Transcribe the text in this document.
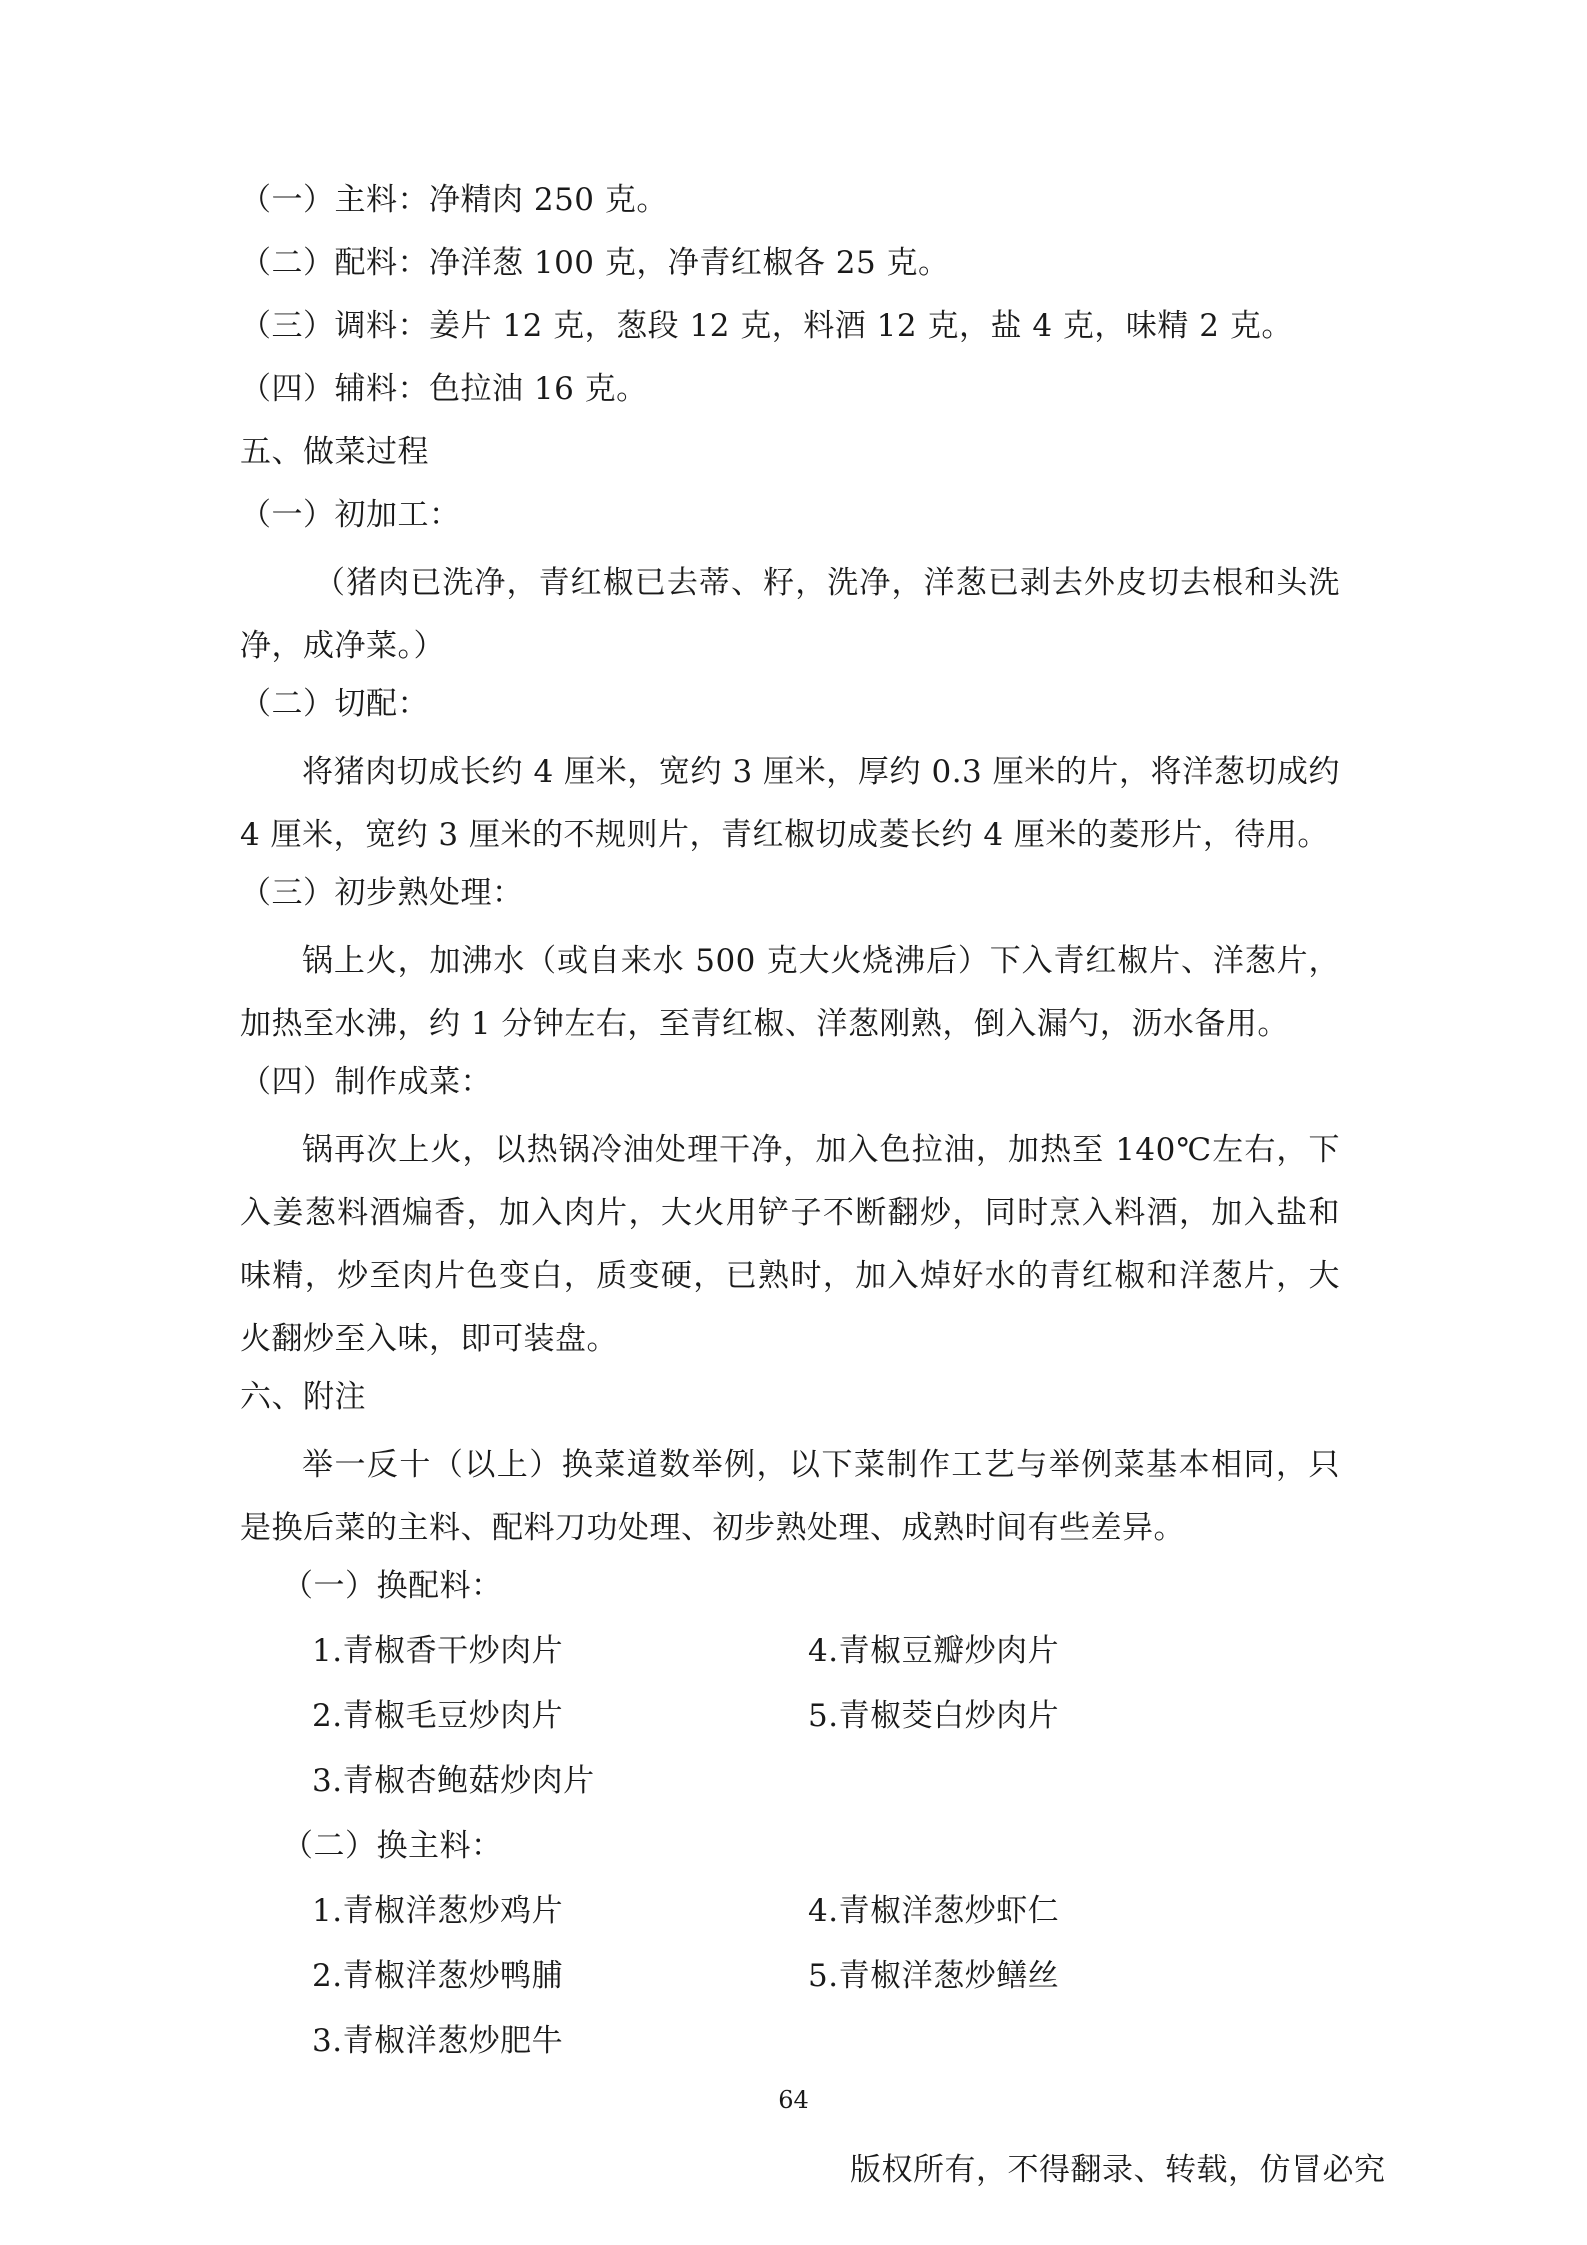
（一）主料：净精肉 250 克。
（二）配料：净洋葱 100 克，净青红椒各 25 克。
（三）调料：姜片 12 克，葱段 12 克，料酒 12 克，盐 4 克，味精 2 克。
（四）辅料：色拉油 16 克。
五、做菜过程
（一）初加工：
（猪肉已洗净，青红椒已去蒂、籽，洗净，洋葱已剥去外皮切去根和头洗净，成净菜。）
（二）切配：
将猪肉切成长约 4 厘米，宽约 3 厘米，厚约 0.3 厘米的片，将洋葱切成约 4 厘米，宽约 3 厘米的不规则片，青红椒切成菱长约 4 厘米的菱形片，待用。
（三）初步熟处理：
锅上火，加沸水（或自来水 500 克大火烧沸后）下入青红椒片、洋葱片，加热至水沸，约 1 分钟左右，至青红椒、洋葱刚熟，倒入漏勺，沥水备用。
（四）制作成菜：
锅再次上火，以热锅冷油处理干净，加入色拉油，加热至 140℃左右，下入姜葱料酒煸香，加入肉片，大火用铲子不断翻炒，同时烹入料酒，加入盐和味精，炒至肉片色变白，质变硬，已熟时，加入焯好水的青红椒和洋葱片，大火翻炒至入味，即可装盘。
六、附注
举一反十（以上）换菜道数举例，以下菜制作工艺与举例菜基本相同，只是换后菜的主料、配料刀功处理、初步熟处理、成熟时间有些差异。
（一）换配料：
1.青椒香干炒肉片	4.青椒豆瓣炒肉片
2.青椒毛豆炒肉片	5.青椒茭白炒肉片
3.青椒杏鲍菇炒肉片
（二）换主料：
1.青椒洋葱炒鸡片	4.青椒洋葱炒虾仁
2.青椒洋葱炒鸭脯	5.青椒洋葱炒鳝丝
3.青椒洋葱炒肥牛
64
版权所有，不得翻录、转载，仿冒必究
